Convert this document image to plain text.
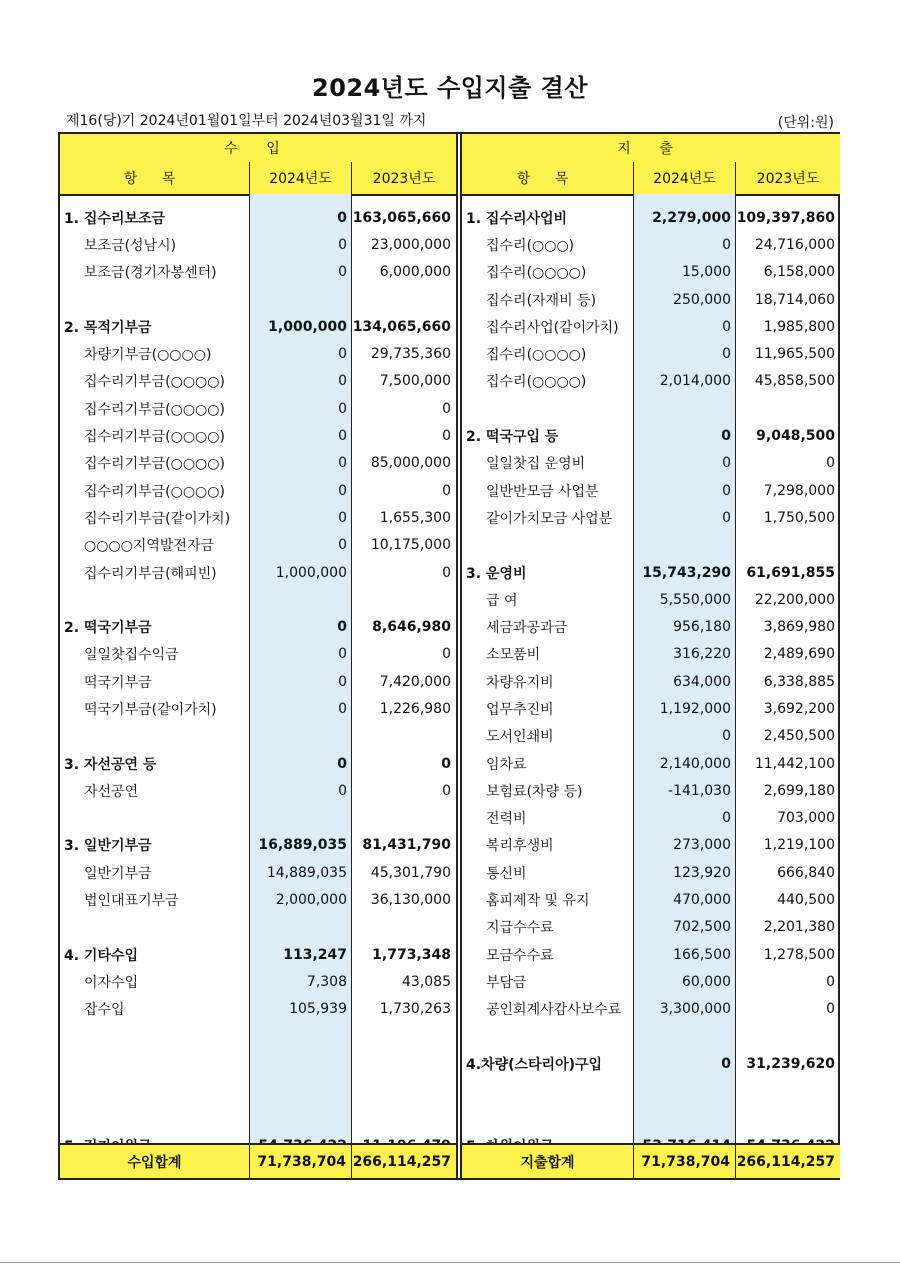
2024년도 수입지출 결산
제16(당)기 2024년01월01일부터 2024년03월31일 까지	(단위:원)
수 입
항 목	2024년도	2023년도
1. 집수리보조금	0 163,065,660
보조금(성남시)	0	23,000,000
보조금(경기자봉센터)	0	6,000,000
2. 목적기부금	1,000,000 134,065,660
차량기부금(○○○○)	0	29,735,360
집수리기부금(○○○○)	0	7,500,000
집수리기부금(○○○○)	0	0
집수리기부금(○○○○)	0	0
집수리기부금(○○○○)	0	85,000,000
집수리기부금(○○○○)	0	0
집수리기부금(같이가치)	0	1,655,300
○○○○지역발전자금	0	10,175,000
집수리기부금(해피빈)	1,000,000	0
2. 떡국기부금	0	8,646,980
일일찻집수익금	0	0
떡국기부금	0	7,420,000
떡국기부금(같이가치)	0	1,226,980
3. 자선공연 등	0	0
자선공연	0	0
3. 일반기부금	16,889,035	81,431,790
일반기부금	14,889,035	45,301,790
법인대표기부금	2,000,000	36,130,000
4. 기타수입	113,247	1,773,348
이자수입	7,308	43,085
잡수입	105,939	1,730,263
수입합계	71,738,704 266,114,257
지 출
항 목	2024년도	2023년도
1. 집수리사업비	2,279,000 109,397,860
집수리(○○○)	0	24,716,000
집수리(○○○○)	15,000	6,158,000
집수리(자재비 등)	250,000	18,714,060
집수리사업(같이가치)	0	1,985,800
집수리(○○○○)	0	11,965,500
집수리(○○○○)	2,014,000	45,858,500
2. 떡국구입 등	0	9,048,500
일일찻집 운영비	0	0
일반반모금 사업분	0	7,298,000
같이가치모금 사업분	0	1,750,500
3. 운영비	15,743,290	61,691,855
급 여	5,550,000	22,200,000
세금과공과금	956,180	3,869,980
소모품비	316,220	2,489,690
차량유지비	634,000	6,338,885
업무추진비	1,192,000	3,692,200
도서인쇄비	0	2,450,500
임차료	2,140,000	11,442,100
보험료(차량 등)	-141,030	2,699,180
전력비	0	703,000
복리후생비	273,000	1,219,100
통신비	123,920	666,840
홈피제작 및 유지	470,000	440,500
지급수수료	702,500	2,201,380
모금수수료	166,500	1,278,500
부담금	60,000	0
공인회계사감사보수료	3,300,000	0
4.차량(스타리아)구입	0	31,239,620
지출합계	71,738,704 266,114,257
